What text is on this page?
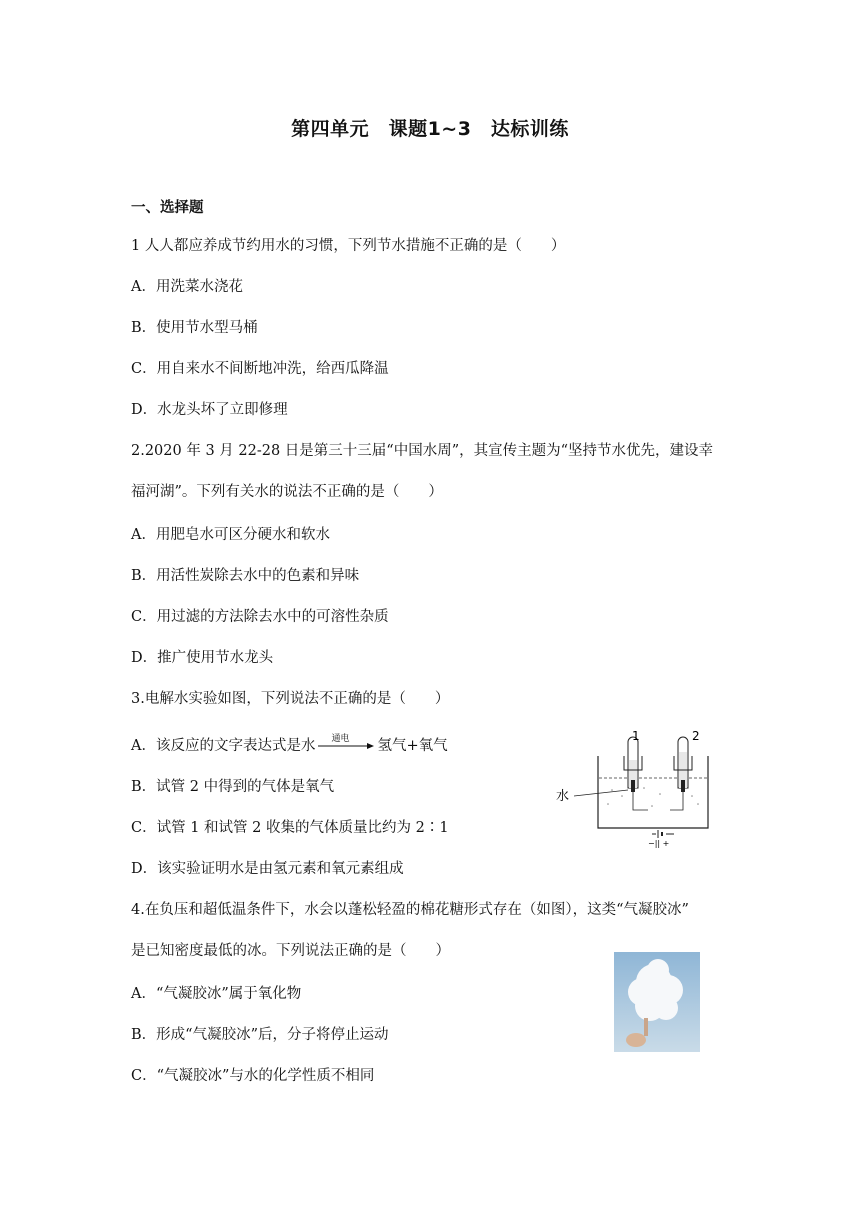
第四单元　课题1~3　达标训练
一、选择题
1 人人都应养成节约用水的习惯，下列节水措施不正确的是（　　）
A．用洗菜水浇花
B．使用节水型马桶
C．用自来水不间断地冲洗，给西瓜降温
D．水龙头坏了立即修理
2.2020 年 3 月 22-28 日是第三十三届“中国水周”，其宣传主题为“坚持节水优先，建设幸
福河湖”。下列有关水的说法不正确的是（　　）
A．用肥皂水可区分硬水和软水
B．用活性炭除去水中的色素和异味
C．用过滤的方法除去水中的可溶性杂质
D．推广使用节水龙头
3.电解水实验如图，下列说法不正确的是（　　）
A．该反应的文字表达式是水 通电 氢气+氧气
B．试管 2 中得到的气体是氧气
C．试管 1 和试管 2 收集的气体质量比约为 2∶1
D．该实验证明水是由氢元素和氧元素组成
1	2
水
−|| +
4.在负压和超低温条件下，水会以蓬松轻盈的棉花糖形式存在（如图），这类“气凝胶冰”
是已知密度最低的冰。下列说法正确的是（　　）
A．“气凝胶冰”属于氧化物
B．形成“气凝胶冰”后，分子将停止运动
C．“气凝胶冰”与水的化学性质不相同
